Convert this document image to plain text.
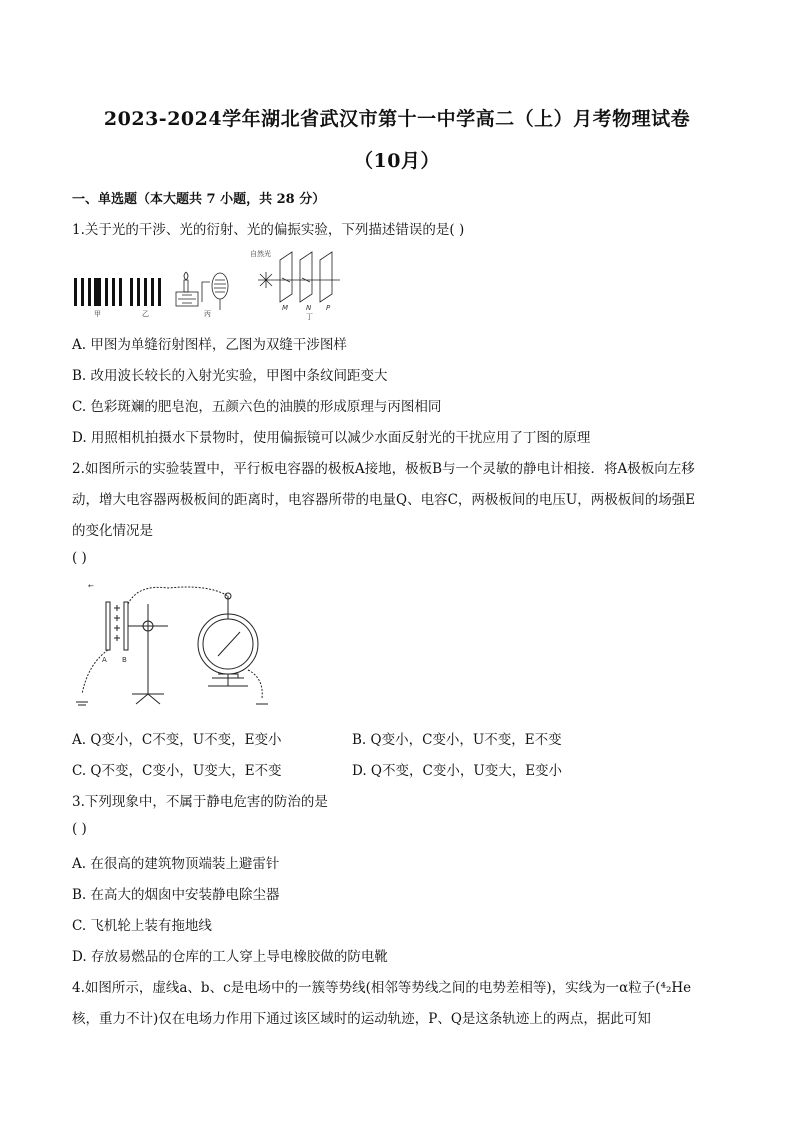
2023-2024学年湖北省武汉市第十一中学高二（上）月考物理试卷
（10月）
一、单选题（本大题共 7 小题，共 28 分）
1.关于光的干涉、光的衍射、光的偏振实验，下列描述错误的是( )
甲	乙	丙
自然光
M	N P
丁
A. 甲图为单缝衍射图样，乙图为双缝干涉图样
B. 改用波长较长的入射光实验，甲图中条纹间距变大
C. 色彩斑斓的肥皂泡，五颜六色的油膜的形成原理与丙图相同
D. 用照相机拍摄水下景物时，使用偏振镜可以减少水面反射光的干扰应用了丁图的原理
2.如图所示的实验装置中，平行板电容器的极板A接地，极板B与一个灵敏的静电计相接．将A极板向左移
动，增大电容器两极板间的距离时，电容器所带的电量Q、电容C，两极板间的电压U，两极板间的场强E
的变化情况是
( )
←
A B
A. Q变小，C不变，U不变，E变小	B. Q变小，C变小，U不变，E不变
C. Q不变，C变小，U变大，E不变	D. Q不变，C变小，U变大，E变小
3.下列现象中，不属于静电危害的防治的是
( )
A. 在很高的建筑物顶端装上避雷针
B. 在高大的烟囱中安装静电除尘器
C. 飞机轮上装有拖地线
D. 存放易燃品的仓库的工人穿上导电橡胶做的防电靴
4.如图所示，虚线a、b、c是电场中的一簇等势线(相邻等势线之间的电势差相等)，实线为一α粒子(⁴₂He
核，重力不计)仅在电场力作用下通过该区域时的运动轨迹，P、Q是这条轨迹上的两点，据此可知
